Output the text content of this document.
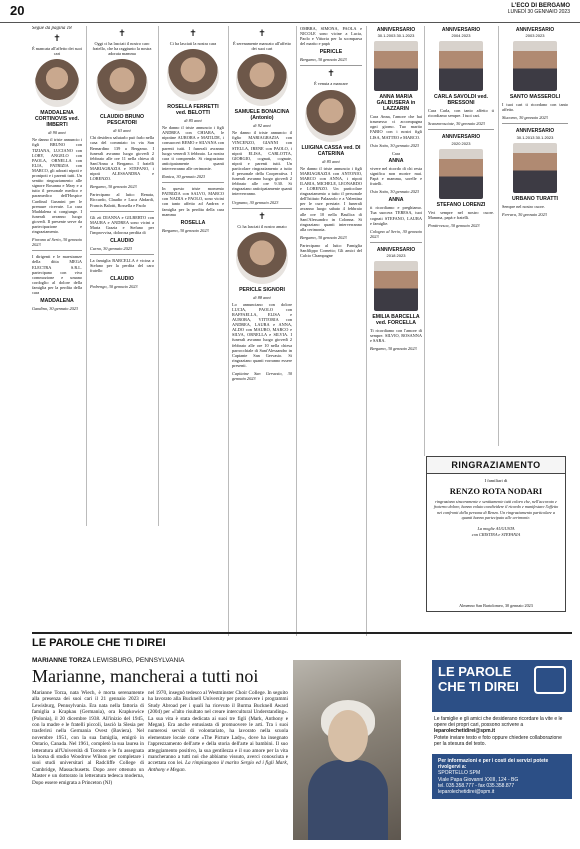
20	L'ECO DI BERGAMO
LUNEDÌ 30 GENNAIO 2023
Segue da pagina 18
✝
È mancata all'affetto dei suoi cari
MADDALENA CORTINOVIS ved. IMBERTI
di 90 anni
Ne danno il triste annuncio i figli BRUNO con TIZIANA, LUCIANO con LORY, ANGELO con PAOLA, ORNELLA con ELIA, PATRIZIA con MARCO, gli adorati nipoti e pronipoti e i parenti tutti. Un sentito ringraziamento alle signore Rosanna e Mary e a tutto il personale medico e paramedico dell'Hospice Cardinal Gusmini per le premure ricevute. La cara Maddalena si congiunge. I funerali avranno luogo giovedì. Il presente serve da partecipazione e ringraziamento.
Fiorano al Serio, 30 gennaio 2023
I dirigenti e le maestranze della ditta MEGA ELECTRA S.R.L. partecipano con viva commozione e umano cordoglio al dolore della famiglia per la perdita della cara
MADDALENA
Gandino, 30 gennaio 2023
✝
Oggi ci ha lasciati il nostro caro fratello, che ha raggiunto la nostra adorata mamma
CLAUDIO BRUNO PESCATORI
di 63 anni
Chi desidera salutarlo può farlo nella casa del commiato in via San Bernardino 139 a Bergamo. I funerali avranno luogo giovedì 2 febbraio alle ore 11 nella chiesa di Sant'Anna a Bergamo. I fratelli MARIAGRAZIA e STEFANO, i nipoti ALESSANDRA e LORENZO.
Bergamo, 30 gennaio 2023
Partecipano al lutto: Renata, Riccardo, Claudio e Luca Ahdardi, Francis Balotti, Rossella e Paolo
Gli zii DIANNA e GILBERTO con MAURA e ANDREA sono vicini a Maria Grazia e Stefano per l'improvvisa, dolorosa perdita di
CLAUDIO
Curno, 30 gennaio 2023
La famiglia BARCELLA è vicina a Stefano per la perdita del caro fratello
CLAUDIO
Pedrengo, 30 gennaio 2023
✝
Ci ha lasciati la nostra cara
ROSELLA FERRETTI ved. BELOTTI
di 85 anni
Ne danno il triste annuncio i figli ANDREA con CHIARA, le nipotine AURORA e MATILDE, i consuoceri REMO e SILVANA con parenti tutti. I funerali avranno luogo venerdì 3 febbraio. La nostra cara ti comprende. Si ringraziano anticipatamente quanti interverranno alle cerimonie.
Ranica, 30 gennaio 2023
In questo triste momento PATRIZIA con SALVO, MARCO con NADIA e PAOLO, sono vicini con tanto affetto ad Andrea e famiglia per la perdita della cara mamma
ROSELLA
Bergamo, 30 gennaio 2023
✝
È serenamente mancato all'affetto dei suoi cari
SAMUELE BONACINA (Antonio)
di 92 anni
Ne danno il triste annuncio il figlio MARIAGRAZIA con VINCENZO, GIANNI con STELLA, IRENE con PAOLO, i nipoti ELISA, CARLOTTA, GIORGIO, cognati, cognate, nipoti e parenti tutti. Un particolare ringraziamento a tutto il personale della Cooperativa. I funerali avranno luogo giovedì 2 febbraio alle ore 9.30. Si ringraziano anticipatamente quanti interverranno.
Urgnano, 30 gennaio 2023
✝
Ci ha lasciati il nostro amato
PERICLE SIGNORI
di 88 anni
Lo annunciano con dolore LUCIA, PAOLO con RAFFAELLA, ELISA e AURORA, VITTORIA con ANDREA, LAURA e ANNA, ALDO con MAURO, MARCO e SILVA, ORNELLA e SILVIA. I funerali avranno luogo giovedì 2 febbraio alle ore 10 nella chiesa parrocchiale di Sant'Alessandro in Captante San Gervasio. Si ringraziano quanti vorranno essere presenti.
Capitaine San Gervasio, 30 gennaio 2023
OMBRA, SIMONA, PAOLA e NICOLE sono vicine a Lucia, Paolo e Vittoria per la scomparsa del marito e papà
PERICLE
Bergamo, 30 gennaio 2023
✝
È venuta a mancare
LUIGINA CASSA ved. DI CATERINA
di 85 anni
Ne danno il triste annuncio i figli MARIAGRAZIA con ANTONIO, MARCO con ANNA, i nipoti ILARIA, MICHELE, LEONARDO e LORENZO. Un particolare ringraziamento a tutto il personale dell'Istituto Palazzolo e a Valentina per le cure prestate. I funerali avranno luogo sabato 4 febbraio alle ore 10 nella Basilica di Sant'Alessandro in Colonna. Si ringraziano quanti interverranno alla cerimonia.
Bergamo, 30 gennaio 2023
Partecipano al lutto: Famiglia Sanfilippo Cornetto; Gli amici del Calcio Champagne
ANNIVERSARIO
30.1.2003 30.1.2023
ANNA MARIA GALBUSERA in LAZZARIN
Cara Anna, l'amore che hai trasmesso ci accompagna ogni giorno. Tuo marito FABIO con i nostri figli LISA, MATTEO e MARCO.
Osio Sotto, 30 gennaio 2023
Cara
ANNA
vivere nel ricordo di chi resta significa non morire mai. Papà e mamma, sorelle e fratelli.
Osio Sotto, 30 gennaio 2023
ANNA
ti ricordiamo e preghiamo. Tua suocera TERESA, tuoi cognati STEFANO, LAURA e famiglie.
Cologno al Serio, 30 gennaio 2023
ANNIVERSARIO
2018 2023
EMILIA BARCELLA ved. FORCELLA
Ti ricordiamo con l'amore di sempre. SILVIO, ROSANNA e SARA.
Bergamo, 30 gennaio 2023
ANNIVERSARIO
2004 2023
CARLA SAVOLDI ved. BRESSONI
Cara Carla, con tanto affetto ti ricordiamo sempre. I tuoi cari.
Scanzorosciate, 30 gennaio 2023
ANNIVERSARIO
2020 2023
STEFANO LORENZI
Vivi sempre nel nostro cuore. Mamma, papà e fratelli.
Pontirvesca, 30 gennaio 2023
ANNIVERSARIO
2003 2023
SANTO MASSEROLI
I tuoi cari ti ricordano con tanto affetto.
Slucomo, 30 gennaio 2023
ANNIVERSARIO
30.1.2013 30.1.2023
URBANO TURATTI
Sempre nel nostro cuore.
Ferrara, 30 gennaio 2023
RINGRAZIAMENTO
I familiari di
RENZO ROTA NODARI
ringraziano sinceramente e sentitamente tutti coloro che, nell'accorato e fraterno dolore, hanno voluto condividere il ricordo e manifestare l'affetto nei confronti della persona di Renzo. Un ringraziamento particolare a quanti hanno partecipato alle cerimonie.
La moglie AUGUSTA
con CRISTINA e STEFANIA
Almenno San Bartolomeo, 30 gennaio 2023
LE PAROLE CHE TI DIREI
MARIANNE TORZA LEWISBURG, PENNSYLVANIA
Marianne, mancherai a tutti noi
Marianne Torza, nata Wiech, è morta serenamente alla presenza dei suoi cari il 21 gennaio 2023 a Lewisburg, Pennsylvania. Era nata nella fattoria di famiglia a Krapkau (Germania), ora Krapkowice (Polonia), il 20 dicembre 1938. All'inizio del 1945, con la madre e le fratelli piccoli, lasciò la Slesia per trasferirsi nella Germania Ovest (Baviera). Nel novembre 1951, con la sua famiglia, emigrò in Ontario, Canada. Nel 1961, completò la sua laurea in letteratura all'Università di Toronto e le fu assegnata la borsa di studio Woodrow Wilson per completare i suoi studi universitari al Radcliffe College di Cambridge, Massachusetts. Dopo aver ottenuto un Master e un dottorato in letteratura tedesca moderna, Dopo essere emigrata a Princeton (NJ)
nel 1970, insegnò tedesco al Westminster Choir College. In seguito ha lavorato alla Bucknell University per promuovere i programmi Study Abroad per i quali ha ricevuto il Burma Bucknell Award (2004) per «l'alto risultato nel creare intercultural Understanding». La sua vita è stata dedicata ai suoi tre figli (Mark, Anthony e Megan). Era anche entusiasta di promuovere le arti. Tra i suoi numerosi servizi di volontariato, ha lavorato nella scuola elementare locale come «The Picture Lady», dove ha insegnato l'apprezzamento dell'arte e della storia dell'arte ai bambini. Il suo atteggiamento positivo, la sua gentilezza e il suo amore per la vita mancheranno a tutti noi che abbiamo vissuto, averci conosciuta e accettata con lei. La rimpiangono il marito Sergio ed i figli Mark, Anthony e Megan.
LE PAROLE
CHE TI DIREI
Le famiglie e gli amici che desiderano ricordare la vite e le opere dei propri cari, possono scrivere a leparolechetidirei@spm.it
Potete inviare testo e foto oppure chiedere collaborazione per la stesura del testo.
Per informazioni e per i costi dei servizi potete rivolgervi a:
SPORTELLO SPM
Viale Papa Giovanni XXIII, 124 - BG
tel. 035.358.777 - fax 035.358.877
leparolechetidirei@spm.it
